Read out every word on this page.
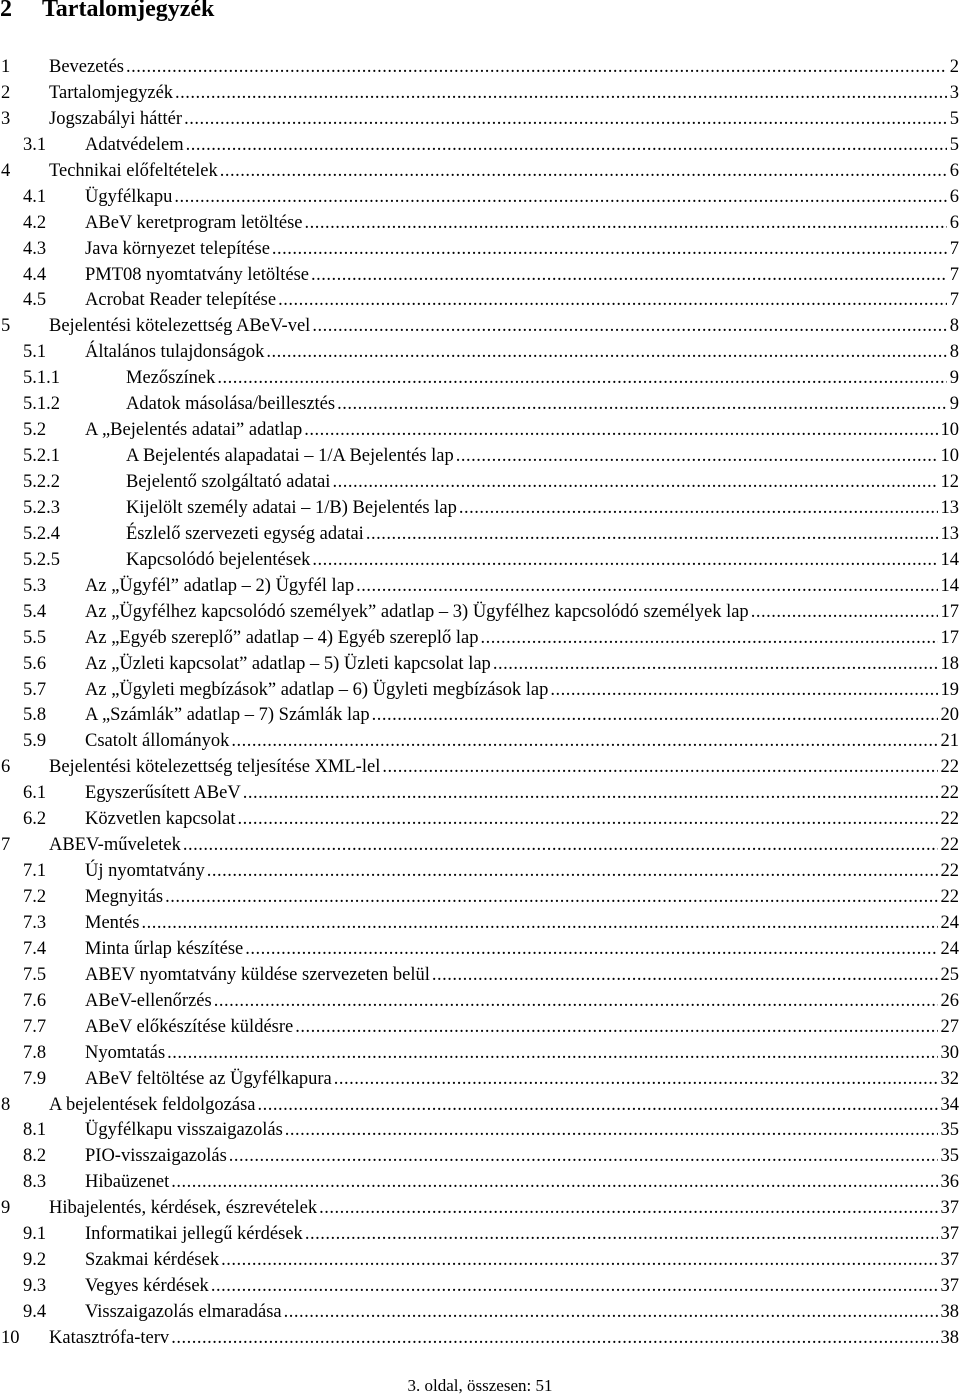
2 Tartalomjegyzék
1	Bevezetés .....	2
2	Tartalomjegyzék .....	3
3	Jogszabályi háttér .....	5
3.1	Adatvédelem .....	5
4	Technikai előfeltételek .....	6
4.1	Ügyfélkapu .....	6
4.2	ABeV keretprogram letöltése .....	6
4.3	Java környezet telepítése .....	7
4.4	PMT08 nyomtatvány letöltése .....	7
4.5	Acrobat Reader telepítése .....	7
5	Bejelentési kötelezettség ABeV-vel .....	8
5.1	Általános tulajdonságok .....	8
5.1.1	Mezőszínek .....	9
5.1.2	Adatok másolása/beillesztés .....	9
5.2	A „Bejelentés adatai” adatlap .....	10
5.2.1	A Bejelentés alapadatai – 1/A Bejelentés lap .....	10
5.2.2	Bejelentő szolgáltató adatai .....	12
5.2.3	Kijelölt személy adatai – 1/B) Bejelentés lap .....	13
5.2.4	Észlelő szervezeti egység adatai .....	13
5.2.5	Kapcsolódó bejelentések .....	14
5.3	Az „Ügyfél” adatlap – 2) Ügyfél lap .....	14
5.4	Az „Ügyfélhez kapcsolódó személyek” adatlap – 3) Ügyfélhez kapcsolódó személyek lap .....	17
5.5	Az „Egyéb szereplő” adatlap – 4) Egyéb szereplő lap .....	17
5.6	Az „Üzleti kapcsolat” adatlap – 5) Üzleti kapcsolat lap .....	18
5.7	Az „Ügyleti megbízások” adatlap – 6) Ügyleti megbízások lap .....	19
5.8	A „Számlák” adatlap – 7) Számlák lap .....	20
5.9	Csatolt állományok .....	21
6	Bejelentési kötelezettség teljesítése XML-lel .....	22
6.1	Egyszerűsített ABeV .....	22
6.2	Közvetlen kapcsolat .....	22
7	ABEV-műveletek .....	22
7.1	Új nyomtatvány .....	22
7.2	Megnyitás .....	22
7.3	Mentés .....	24
7.4	Minta űrlap készítése .....	24
7.5	ABEV nyomtatvány küldése szervezeten belül .....	25
7.6	ABeV-ellenőrzés .....	26
7.7	ABeV előkészítése küldésre .....	27
7.8	Nyomtatás .....	30
7.9	ABeV feltöltése az Ügyfélkapura .....	32
8	A bejelentések feldolgozása .....	34
8.1	Ügyfélkapu visszaigazolás .....	35
8.2	PIO-visszaigazolás .....	35
8.3	Hibaüzenet .....	36
9	Hibajelentés, kérdések, észrevételek .....	37
9.1	Informatikai jellegű kérdések .....	37
9.2	Szakmai kérdések .....	37
9.3	Vegyes kérdések .....	37
9.4	Visszaigazolás elmaradása .....	38
10	Katasztrófa-terv .....	38
3. oldal, összesen: 51
